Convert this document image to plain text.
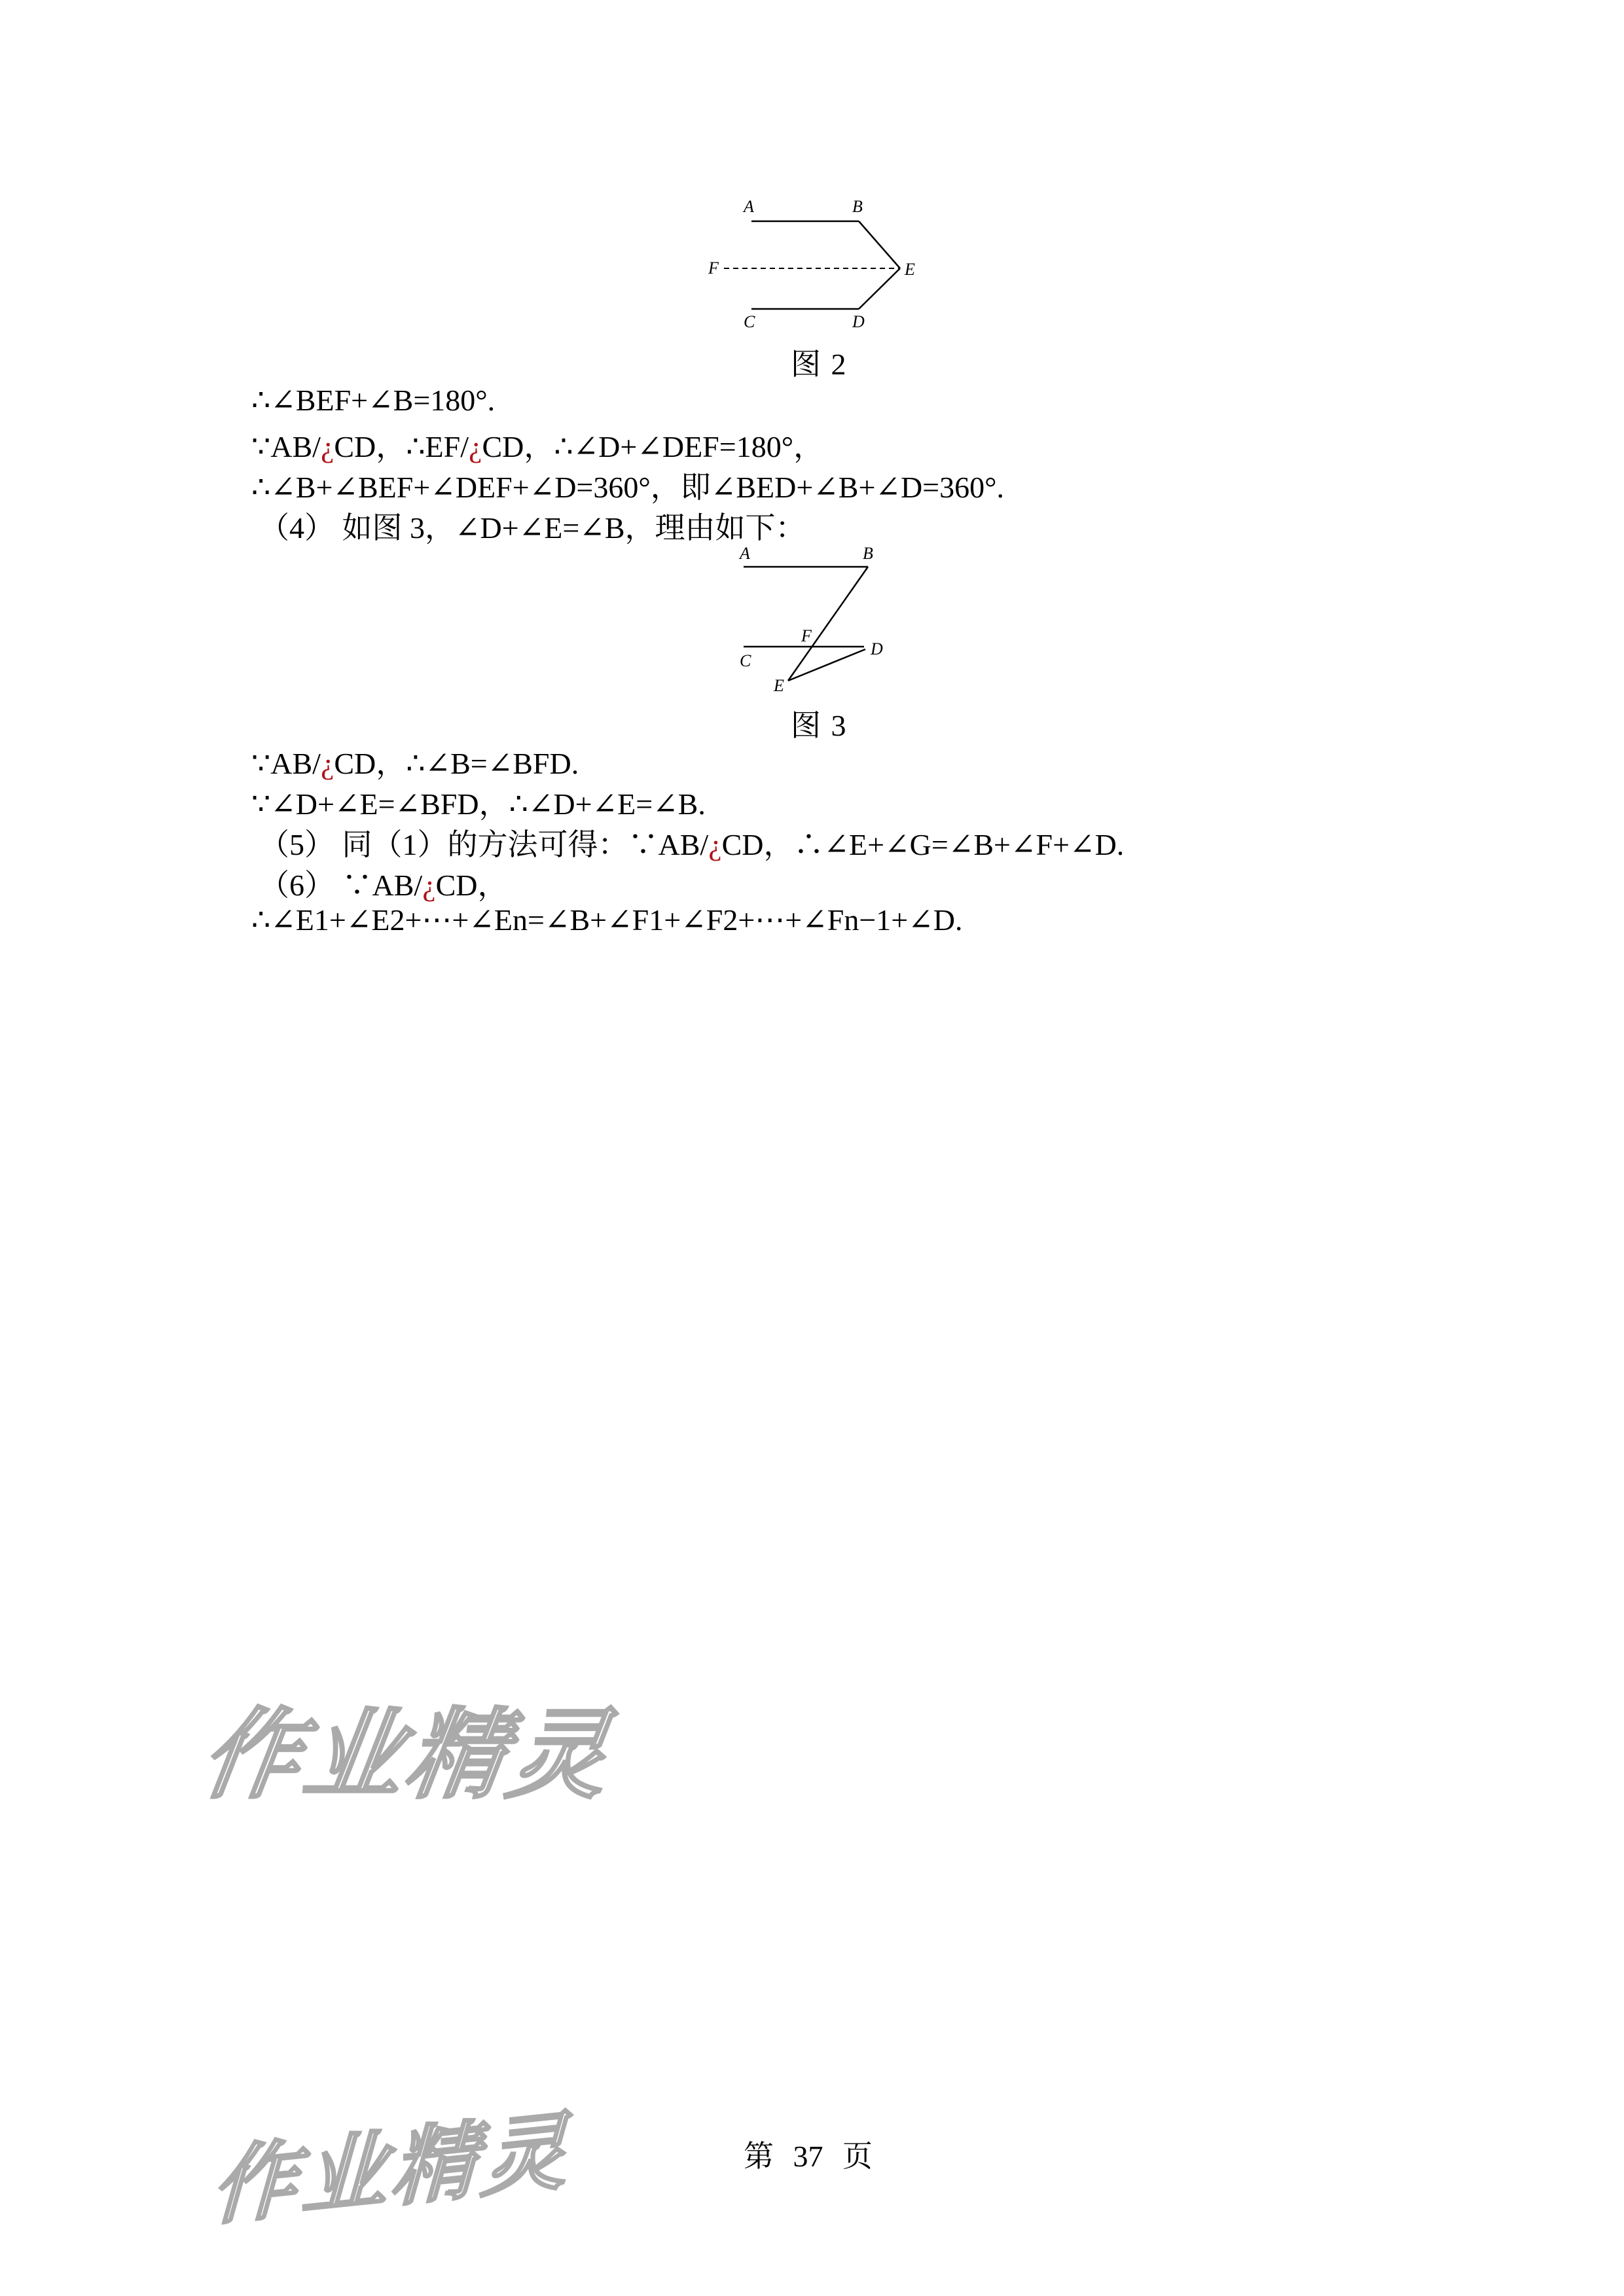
A	B
F	E
C	D
图 2
∴∠BEF+∠B=180°.
∵AB/¿CD，∴EF/¿CD，∴∠D+∠DEF=180°，
∴∠B+∠BEF+∠DEF+∠D=360°，即∠BED+∠B+∠D=360°.
（4） 如图 3，∠D+∠E=∠B，理由如下：
A	B
F
D
C
E
图 3
∵AB/¿CD，∴∠B=∠BFD.
∵∠D+∠E=∠BFD，∴∠D+∠E=∠B.
（5） 同（1）的方法可得：∵AB/¿CD，∴∠E+∠G=∠B+∠F+∠D.
（6） ∵AB/¿CD，
∴∠E1+∠E2+⋯+∠En=∠B+∠F1+∠F2+⋯+∠Fn−1+∠D.
作业精灵
作业精灵	第 37 页
